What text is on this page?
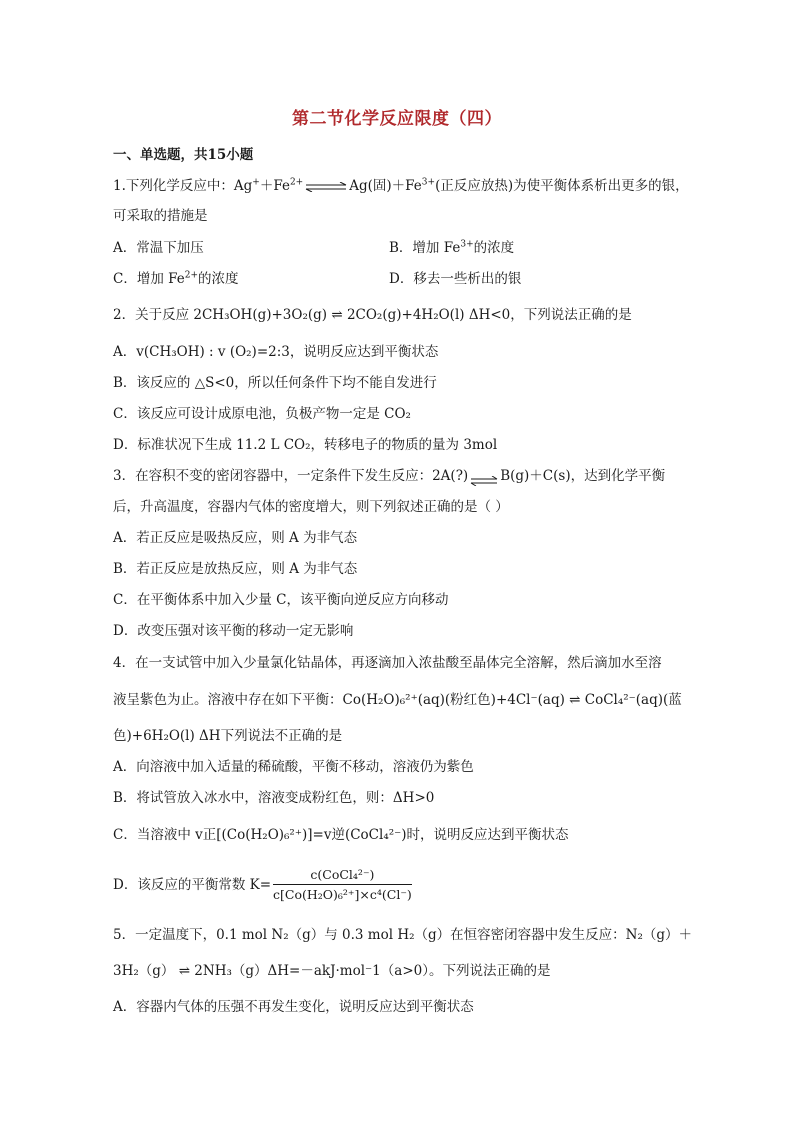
第二节化学反应限度（四）
一、单选题，共15小题
1.下列化学反应中：$Ag^++Fe^{2+}\rightleftharpoons Ag$(固)$+Fe^{3+}$(正反应放热)为使平衡体系析出更多的银，
可采取的措施是
A．常温下加压	B．增加 $Fe^{3+}$的浓度
C．增加 $Fe^{2+}$的浓度	D．移去一些析出的银
2．关于反应 2CH₃OH(g)+3O₂(g) ⇌ 2CO₂(g)+4H₂O(l) ΔH<0，下列说法正确的是
A．v(CH₃OH) : v (O₂)=2:3，说明反应达到平衡状态
B．该反应的 △S<0，所以任何条件下均不能自发进行
C．该反应可设计成原电池，负极产物一定是 CO₂
D．标准状况下生成 11.2 L CO₂，转移电子的物质的量为 3mol
3．在容积不变的密闭容器中，一定条件下发生反应：2A(?) ⇌ B(g)＋C(s)，达到化学平衡
后，升高温度，容器内气体的密度增大，则下列叙述正确的是（ ）
A．若正反应是吸热反应，则 A 为非气态
B．若正反应是放热反应，则 A 为非气态
C．在平衡体系中加入少量 C，该平衡向逆反应方向移动
D．改变压强对该平衡的移动一定无影响
4．在一支试管中加入少量氯化钴晶体，再逐滴加入浓盐酸至晶体完全溶解，然后滴加水至溶
液呈紫色为止。溶液中存在如下平衡：Co(H₂O)₆²⁺(aq)(粉红色)+4Cl⁻(aq) ⇌ CoCl₄²⁻(aq)(蓝
色)+6H₂O(l) ΔH下列说法不正确的是
A．向溶液中加入适量的稀硫酸，平衡不移动，溶液仍为紫色
B．将试管放入冰水中，溶液变成粉红色，则：ΔH>0
C．当溶液中 v正[(Co(H₂O)₆²⁺)]=v逆(CoCl₄²⁻)时，说明反应达到平衡状态
D．该反应的平衡常数 $K= \frac{\text{c(CoCl₄²⁻)}}{\text{c[Co(H₂O)₆²⁺]×c⁴(Cl⁻)}}$
5．一定温度下，0.1 mol N₂（g）与 0.3 mol H₂（g）在恒容密闭容器中发生反应：N₂（g）＋
3H₂（g） ⇌ 2NH₃（g）ΔH=－akJ·mol⁻1（a>0）。下列说法正确的是
A．容器内气体的压强不再发生变化，说明反应达到平衡状态
